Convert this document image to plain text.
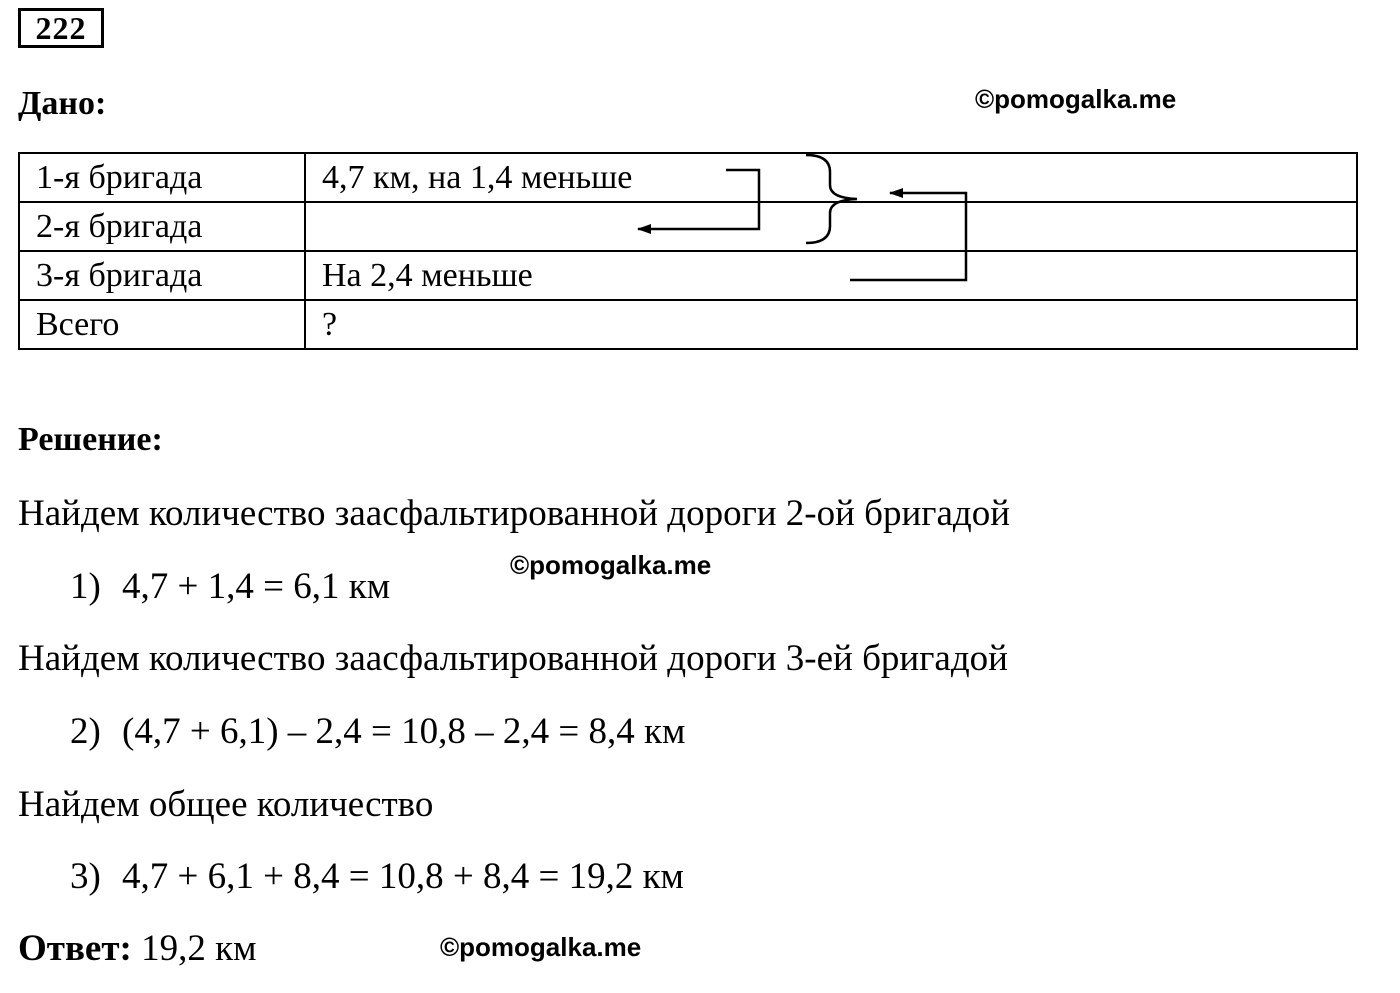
222
Дано:	©pomogalka.me
1-я бригада	4,7 км, на 1,4 меньше
2-я бригада	
3-я бригада	На 2,4 меньше
Всего	?
Решение:
Найдем количество заасфальтированной дороги 2-ой бригадой
1) 4,7 + 1,4 = 6,1 км
©pomogalka.me
Найдем количество заасфальтированной дороги 3-ей бригадой
2) (4,7 + 6,1) – 2,4 = 10,8 – 2,4 = 8,4 км
Найдем общее количество
3) 4,7 + 6,1 + 8,4 = 10,8 + 8,4 = 19,2 км
Ответ: 19,2 км	©pomogalka.me
